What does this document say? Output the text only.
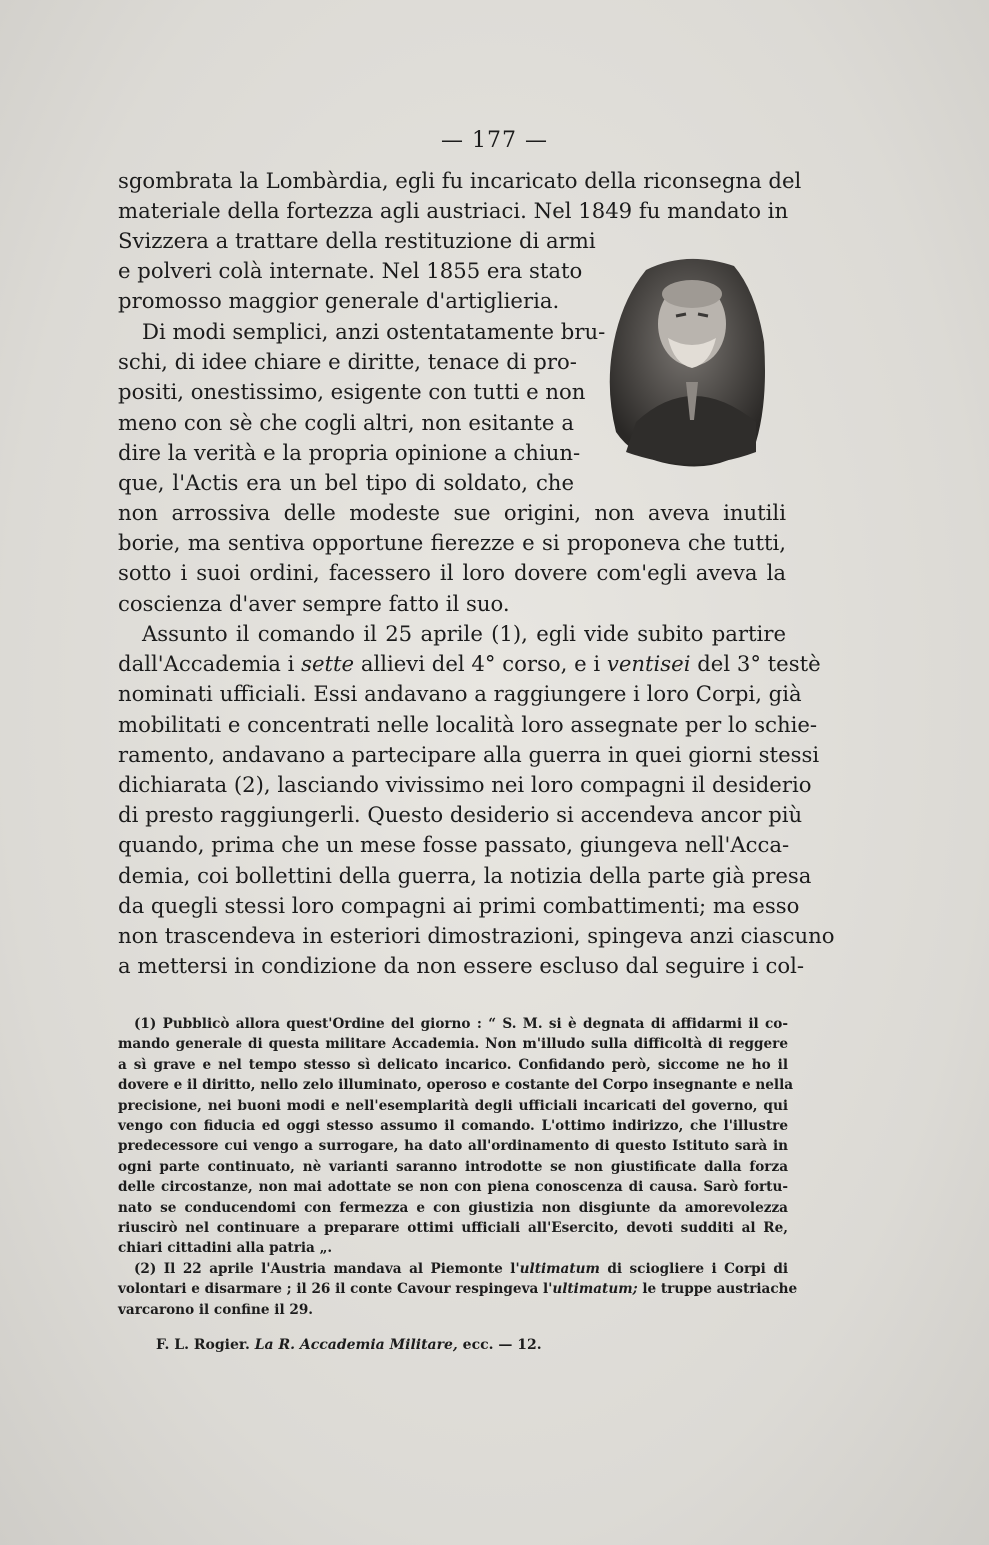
— 177 —
sgombrata la Lombàrdia, egli fu incaricato della riconsegna del
materiale della fortezza agli austriaci. Nel 1849 fu mandato in
Svizzera a trattare della restituzione di armi
e polveri colà internate. Nel 1855 era stato
promosso maggior generale d'artiglieria.
Di modi semplici, anzi ostentatamente bru-
schi, di idee chiare e diritte, tenace di pro-
positi, onestissimo, esigente con tutti e non
meno con sè che cogli altri, non esitante a
dire la verità e la propria opinione a chiun-
que, l'Actis era un bel tipo di soldato, che
non arrossiva delle modeste sue origini, non aveva inutili
borie, ma sentiva opportune fierezze e si proponeva che tutti,
sotto i suoi ordini, facessero il loro dovere com'egli aveva la
coscienza d'aver sempre fatto il suo.
Assunto il comando il 25 aprile (1), egli vide subito partire
dall'Accademia i sette allievi del 4° corso, e i ventisei del 3° testè
nominati ufficiali. Essi andavano a raggiungere i loro Corpi, già
mobilitati e concentrati nelle località loro assegnate per lo schie-
ramento, andavano a partecipare alla guerra in quei giorni stessi
dichiarata (2), lasciando vivissimo nei loro compagni il desiderio
di presto raggiungerli. Questo desiderio si accendeva ancor più
quando, prima che un mese fosse passato, giungeva nell'Acca-
demia, coi bollettini della guerra, la notizia della parte già presa
da quegli stessi loro compagni ai primi combattimenti; ma esso
non trascendeva in esteriori dimostrazioni, spingeva anzi ciascuno
a mettersi in condizione da non essere escluso dal seguire i col-
(1) Pubblicò allora quest'Ordine del giorno : “ S. M. si è degnata di affidarmi il co-
mando generale di questa militare Accademia. Non m'illudo sulla difficoltà di reggere
a sì grave e nel tempo stesso sì delicato incarico. Confidando però, siccome ne ho il
dovere e il diritto, nello zelo illuminato, operoso e costante del Corpo insegnante e nella
precisione, nei buoni modi e nell'esemplarità degli ufficiali incaricati del governo, qui
vengo con fiducia ed oggi stesso assumo il comando. L'ottimo indirizzo, che l'illustre
predecessore cui vengo a surrogare, ha dato all'ordinamento di questo Istituto sarà in
ogni parte continuato, nè varianti saranno introdotte se non giustificate dalla forza
delle circostanze, non mai adottate se non con piena conoscenza di causa. Sarò fortu-
nato se conducendomi con fermezza e con giustizia non disgiunte da amorevolezza
riuscirò nel continuare a preparare ottimi ufficiali all'Esercito, devoti sudditi al Re,
chiari cittadini alla patria „.
(2) Il 22 aprile l'Austria mandava al Piemonte l'ultimatum di sciogliere i Corpi di
volontari e disarmare ; il 26 il conte Cavour respingeva l'ultimatum; le truppe austriache
varcarono il confine il 29.
F. L. Rogier. La R. Accademia Militare, ecc. — 12.
